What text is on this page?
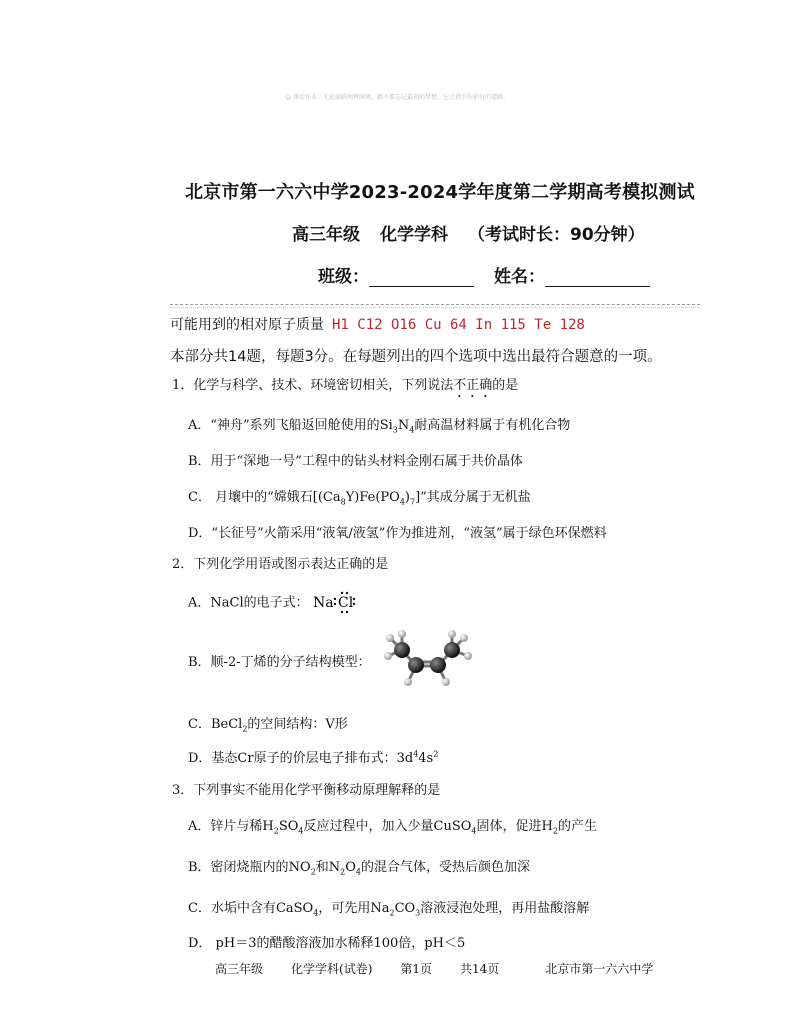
☺ 课后作业：无论面临何种困境，都不要忘记最初的梦想，它会指引你前行的道路。
北京市第一六六中学2023-2024学年度第二学期高考模拟测试
高三年级 化学学科 （考试时长：90分钟）
班级：	姓名：
可能用到的相对原子质量 H1 C12 O16 Cu 64 In 115 Te 128
本部分共14题，每题3分。在每题列出的四个选项中选出最符合题意的一项。
1．化学与科学、技术、环境密切相关，下列说法不正确的是
A．“神舟”系列飞船返回舱使用的$Si_3N_4$耐高温材料属于有机化合物
B．用于“深地一号”工程中的钻头材料金刚石属于共价晶体
C． 月壤中的“嫦娥石$[(Ca_8Y)Fe(PO_4)_7]$”其成分属于无机盐
D．“长征号”火箭采用“液氧/液氢”作为推进剂，“液氢”属于绿色环保燃料
2．下列化学用语或图示表达正确的是
A．NaCl的电子式： Na Cl
B．顺-2-丁烯的分子结构模型：
C．BeCl$_2$的空间结构：V形
D．基态Cr原子的价层电子排布式：$3d^44s^2$
3．下列事实不能用化学平衡移动原理解释的是
A．锌片与稀$H_2SO_4$反应过程中，加入少量CuSO$_4$固体，促进$H_2$的产生
B．密闭烧瓶内的$NO_2$和$N_2O_4$的混合气体，受热后颜色加深
C．水垢中含有CaSO$_4$，可先用$Na_2CO_3$溶液浸泡处理，再用盐酸溶解
D． pH＝3的醋酸溶液加水稀释100倍，pH＜5
高三年级 化学学科(试卷) 第1页 共14页	北京市第一六六中学
